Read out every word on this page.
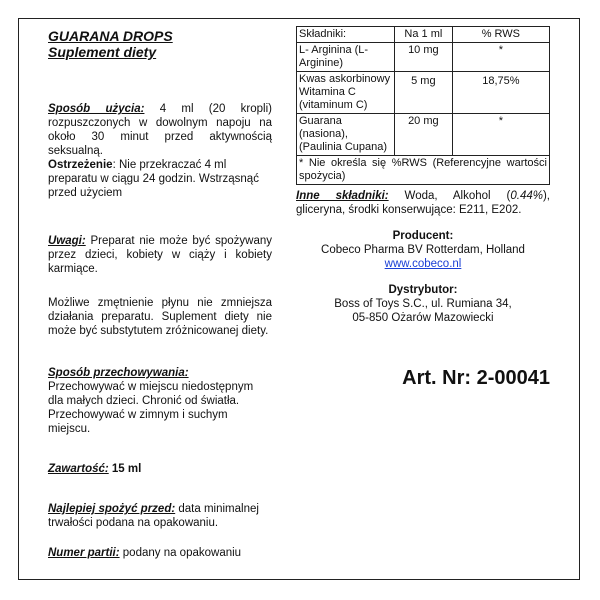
GUARANA DROPS
Suplement diety
Sposób użycia: 4 ml (20 kropli) rozpuszczonych w dowolnym napoju na około 30 minut przed aktywnością seksualną.
Ostrzeżenie: Nie przekraczać 4 ml preparatu w ciągu 24 godzin. Wstrząsnąć przed użyciem
Uwagi: Preparat nie może być spożywany przez dzieci, kobiety w ciąży i kobiety karmiące.
Możliwe zmętnienie płynu nie zmniejsza działania preparatu. Suplement diety nie może być substytutem zróżnicowanej diety.
Sposób przechowywania:
Przechowywać w miejscu niedostępnym dla małych dzieci. Chronić od światła. Przechowywać w zimnym i suchym miejscu.
Zawartość: 15 ml
Najlepiej spożyć przed: data minimalnej trwałości podana na opakowaniu.
Numer partii: podany na opakowaniu
Składniki:	Na 1 ml	% RWS
L- Arginina (L-Arginine)	10 mg	*
Kwas askorbinowy Witamina C (vitaminum C)	5 mg	18,75%
Guarana (nasiona), (Paulinia Cupana)	20 mg	*
* Nie określa się %RWS (Referencyjne wartości spożycia)		
Inne składniki: Woda, Alkohol (0.44%), gliceryna, środki konserwujące: E211, E202.
Producent:
Cobeco Pharma BV Rotterdam, Holland
www.cobeco.nl
Dystrybutor:
Boss of Toys S.C., ul. Rumiana 34,
05-850 Ożarów Mazowiecki
Art. Nr: 2-00041
